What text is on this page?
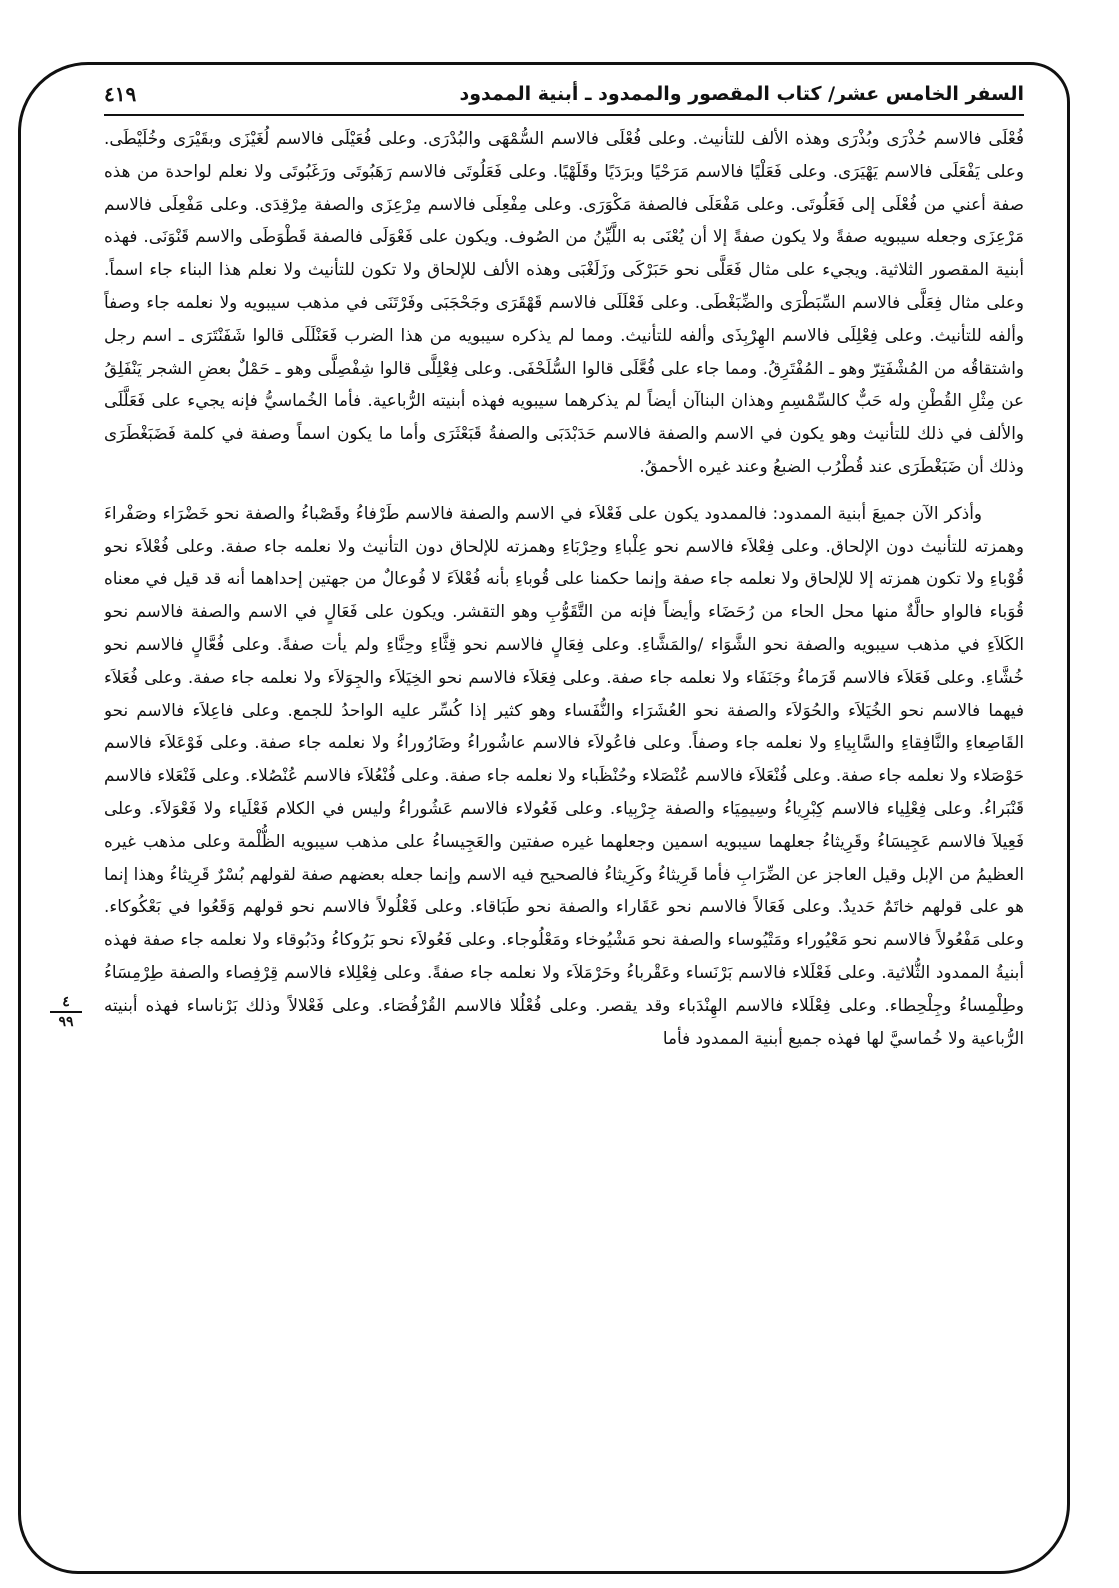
٤١٩	السفر الخامس عشر/ كتاب المقصور والممدود ـ أبنية الممدود
٤
٩٩

فُعْلَى فالاسم حُذْرَى وبُذْرَى وهذه الألف للتأنيث. وعلى فُعْلَى فالاسم السُّمْهَى والبُدْرَى. وعلى فُعَيْلَى فالاسم لُغَيْزَى وبقَيْرَى وخُلَيْطَى. وعلى يَفْعَلَى فالاسم يَهْيَرَى. وعلى فَعَلْيًا فالاسم مَرَحْيًا وبرَدَيًا وقَلَهْيًا. وعلى فَعَلُوتَى فالاسم رَهَبُوتَى ورَغَبُوتَى ولا نعلم لواحدة من هذه صفة أعني من فُعْلَى إلى فَعَلُوتَى. وعلى مَفْعَلَى فالصفة مَكْوَرَى. وعلى مِفْعِلَى فالاسم مِرْعِزَى والصفة مِرْقِدَى. وعلى مَفْعِلَى فالاسم مَرْعِزَى وجعله سيبويه صفةً ولا يكون صفةً إلا أن يُعْنَى به اللَّيِّنُ من الصُوف. ويكون على فَعْوَلَى فالصفة قَطْوَطَى والاسم قَنْوَنَى. فهذه أبنية المقصور الثلاثية. ويجيء على مثال فَعَلَّى نحو حَبَرْكَى وزَلَغْبَى وهذه الألف للإلحاق ولا تكون للتأنيث ولا نعلم هذا البناء جاء اسماً. وعلى مثال فِعَلَّى فالاسم السِّبَطْرَى والضِّبَغْطَى. وعلى فَعْلَلَى فالاسم قَهْقَرَى وجَحْجَبَى وفَرْتَنَى في مذهب سيبويه ولا نعلمه جاء وصفاً وألفه للتأنيث. وعلى فِعْلِلَى فالاسم الهِرْبِذَى وألفه للتأنيث. ومما لم يذكره سيبويه من هذا الضرب فَعَنْلَلَى قالوا شَفَنْتَرَى ـ اسم رجل واشتقاقُه من المُشْفَتِرّ وهو ـ المُفْتَرِقُ. ومما جاء على فُعَّلَى قالوا السُّلَحْفَى. وعلى فِعْلِلَّى قالوا شِفْصِلَّى وهو ـ حَمْلٌ بعضِ الشجر يَنْفَلِقُ عن مِثْلِ القُطْنِ وله حَبٌّ كالسِّمْسِمِ وهذان البناآن أيضاً لم يذكرهما سيبويه فهذه أبنيته الرُّباعية. فأما الخُماسيُّ فإنه يجيء على فَعَلَّلَى والألف في ذلك للتأنيث وهو يكون في الاسم والصفة فالاسم حَدَبْدَبَى والصفةُ قَبَعْثَرَى وأما ما يكون اسماً وصفة في كلمة فَضَبَغْطَرَى وذلك أن ضَبَغْطَرَى عند قُطْرُب الضبعُ وعند غيره الأحمقُ.

وأذكر الآن جميعَ أبنية الممدود: فالممدود يكون على فَعْلاَء في الاسم والصفة فالاسم طَرْفاءُ وقَصْباءُ والصفة نحو خَضْرَاء وصَفْراءَ وهمزته للتأنيث دون الإلحاق. وعلى فِعْلاَء فالاسم نحو عِلْباءِ وحِرْبَاءِ وهمزته للإلحاق دون التأنيث ولا نعلمه جاء صفة. وعلى فُعْلاَء نحو قُوْباءِ ولا تكون همزته إلا للإلحاق ولا نعلمه جاء صفة وإنما حكمنا على قُوباءِ بأنه فُعْلاَءَ لا فُوعالٌ من جهتين إحداهما أنه قد قيل في معناه قُوَباء فالواو حالَّةٌ منها محل الحاء من رُحَضَاء وأيضاً فإنه من التَّقَوُّبِ وهو التقشر. ويكون على فَعَالٍ في الاسم والصفة فالاسم نحو الكَلاَءِ في مذهب سيبويه والصفة نحو الشَّوَاء /والمَشَّاءِ. وعلى فِعَالٍ فالاسم نحو قِثَّاءِ وحِنَّاءِ ولم يأت صفةً. وعلى فُعَّالٍ فالاسم نحو خُشَّاءِ. وعلى فَعَلاَء فالاسم قَرَماءُ وجَنَفَاء ولا نعلمه جاء صفة. وعلى فِعَلاَء فالاسم نحو الخِيَلاَء والجِوَلاَء ولا نعلمه جاء صفة. وعلى فُعَلاَء فيهما فالاسم نحو الخُيَلاَء والحُوَلاَء والصفة نحو العُشَرَاء والنُّفَساء وهو كثير إذا كُسِّر عليه الواحدُ للجمع. وعلى فاعِلاَء فالاسم نحو القَاصِعاءِ والنَّافِقاءِ والسَّابِياءِ ولا نعلمه جاء وصفاً. وعلى فاعُولاَء فالاسم عاشُوراءُ وضَارُوراءُ ولا نعلمه جاء صفة. وعلى فَوْعَلاَء فالاسم حَوْصَلاء ولا نعلمه جاء صفة. وعلى فُنْعَلاَء فالاسم عُنْصَلاء وحُنْظَباء ولا نعلمه جاء صفة. وعلى فُنْعُلاَء فالاسم عُنْصُلاء. وعلى فَنْعَلاء فالاسم قَنْبَراءُ. وعلى فِعْلِياء فالاسم كِبْرِياءُ وسِيمِيَاء والصفة جِرْبِياء. وعلى فَعُولاء فالاسم عَشُوراءُ وليس في الكلام فَعْلَياء ولا فَعْوَلاَء. وعلى فَعِيلاَ فالاسم عَجِيسَاءُ وقَرِيثاءُ جعلهما سيبويه اسمين وجعلهما غيره صفتين والعَجِيساءُ على مذهب سيبويه الظُّلْمة وعلى مذهب غيره العظيمُ من الإبل وقيل العاجز عن الضِّرَابِ فأما قَرِيثاءُ وكَرِيثاءُ فالصحيح فيه الاسم وإنما جعله بعضهم صفة لقولهم بُسْرٌ قَرِيثاءُ وهذا إنما هو على قولهم خاتَمٌ حَديدٌ. وعلى فَعَالاً فالاسم نحو عَقَاراء والصفة نحو طَبَاقاء. وعلى فَعْلُولاً فالاسم نحو قولهم وَقَعُوا في بَعْكُوكاء. وعلى مَفْعُولاً فالاسم نحو مَعْيُوراء ومَتْيُوساء والصفة نحو مَشْيُوخاء ومَعْلُوجاء. وعلى فَعُولاَء نحو بَرُوكاءُ ودَبُوقاء ولا نعلمه جاء صفة فهذه أبنيةُ الممدود الثُّلاثية. وعلى فَعْلَلاء فالاسم بَرْنَساء وعَقْرباءُ وحَرْمَلاَء ولا نعلمه جاء صفةً. وعلى فِعْلِلاء فالاسم قِرْفِصاء والصفة طِرْمِسَاءُ وطِلْمِساءُ وجِلْحِطاء. وعلى فِعْلَلاء فالاسم الهِنْدَباء وقد يقصر. وعلى فُعْلُلا فالاسم القُرْفُصَاء. وعلى فَعْلالاً وذلك بَرْناساء فهذه أبنيته الرُّباعية ولا خُماسيَّ لها فهذه جميع أبنية الممدود فأما
